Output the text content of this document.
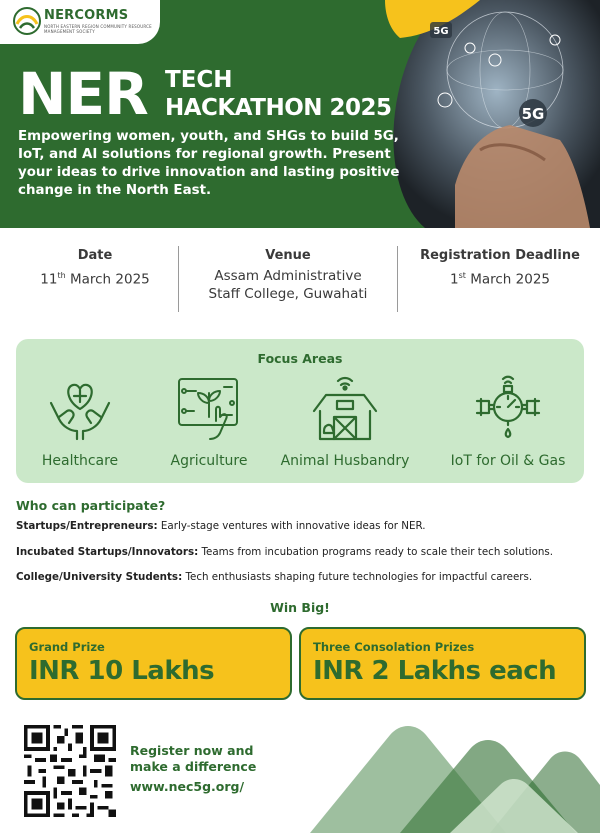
5G
5G
NERCORMS
NORTH EASTERN REGION COMMUNITY RESOURCE MANAGEMENT SOCIETY
NER TECH
HACKATHON 2025

Empowering women, youth, and SHGs to build 5G, IoT, and AI solutions for regional growth. Present your ideas to drive innovation and lasting positive change in the North East.

Date
11th March 2025
Venue
Assam Administrative
Staff College, Guwahati
Registration Deadline
1st March 2025
Focus Areas
Healthcare	Agriculture	Animal Husbandry	IoT for Oil & Gas
Who can participate?
Startups/Entrepreneurs: Early-stage ventures with innovative ideas for NER.
Incubated Startups/Innovators: Teams from incubation programs ready to scale their tech solutions.
College/University Students: Tech enthusiasts shaping future technologies for impactful careers.
Win Big!
Grand Prize
INR 10 Lakhs
Three Consolation Prizes
INR 2 Lakhs each
Register now and
make a difference
www.nec5g.org/
